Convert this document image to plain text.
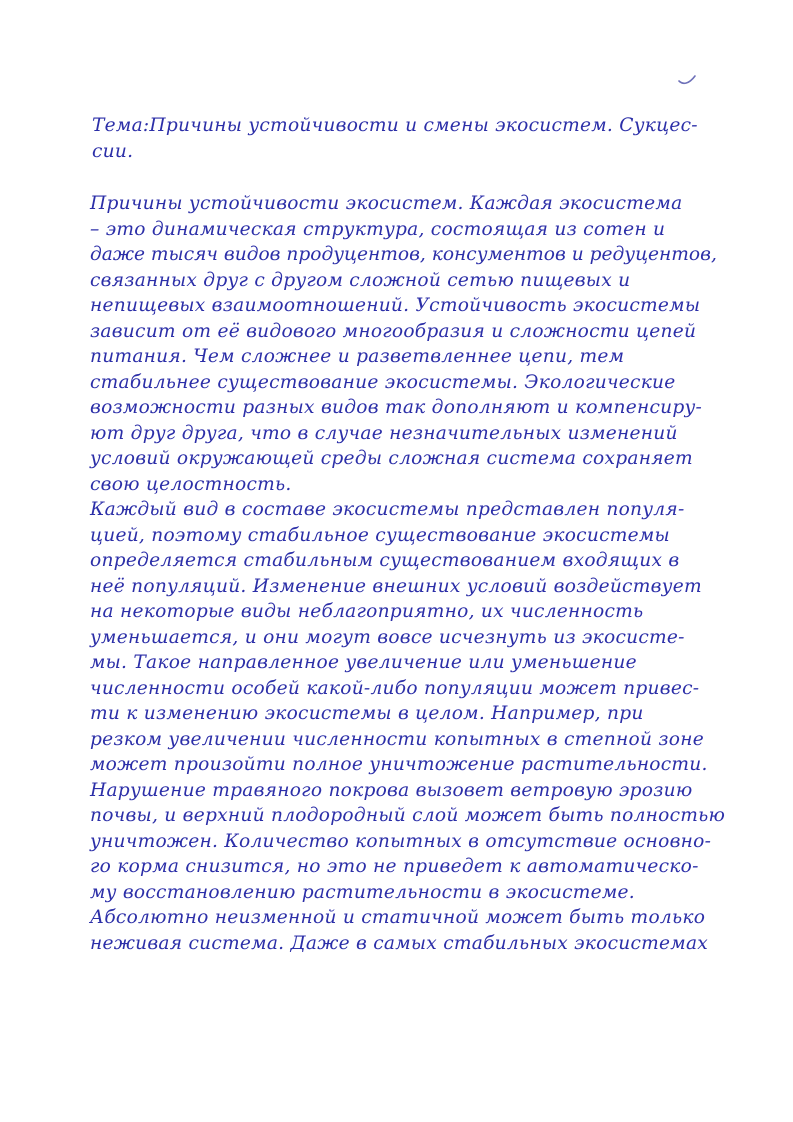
Тема:Причины устойчивости и смены экосистем. Сукцес-
сии.
Причины устойчивости экосистем. Каждая экосистема
– это динамическая структура, состоящая из сотен и
даже тысяч видов продуцентов, консументов и редуцентов,
связанных друг с другом сложной сетью пищевых и
непищевых взаимоотношений. Устойчивость экосистемы
зависит от её видового многообразия и сложности цепей
питания. Чем сложнее и разветвленнее цепи, тем
стабильнее существование экосистемы. Экологические
возможности разных видов так дополняют и компенсиру-
ют друг друга, что в случае незначительных изменений
условий окружающей среды сложная система сохраняет
свою целостность.
Каждый вид в составе экосистемы представлен популя-
цией, поэтому стабильное существование экосистемы
определяется стабильным существованием входящих в
неё популяций. Изменение внешних условий воздействует
на некоторые виды неблагоприятно, их численность
уменьшается, и они могут вовсе исчезнуть из экосисте-
мы. Такое направленное увеличение или уменьшение
численности особей какой-либо популяции может привес-
ти к изменению экосистемы в целом. Например, при
резком увеличении численности копытных в степной зоне
может произойти полное уничтожение растительности.
Нарушение травяного покрова вызовет ветровую эрозию
почвы, и верхний плодородный слой может быть полностью
уничтожен. Количество копытных в отсутствие основно-
го корма снизится, но это не приведет к автоматическо-
му восстановлению растительности в экосистеме.
Абсолютно неизменной и статичной может быть только
неживая система. Даже в самых стабильных экосистемах
